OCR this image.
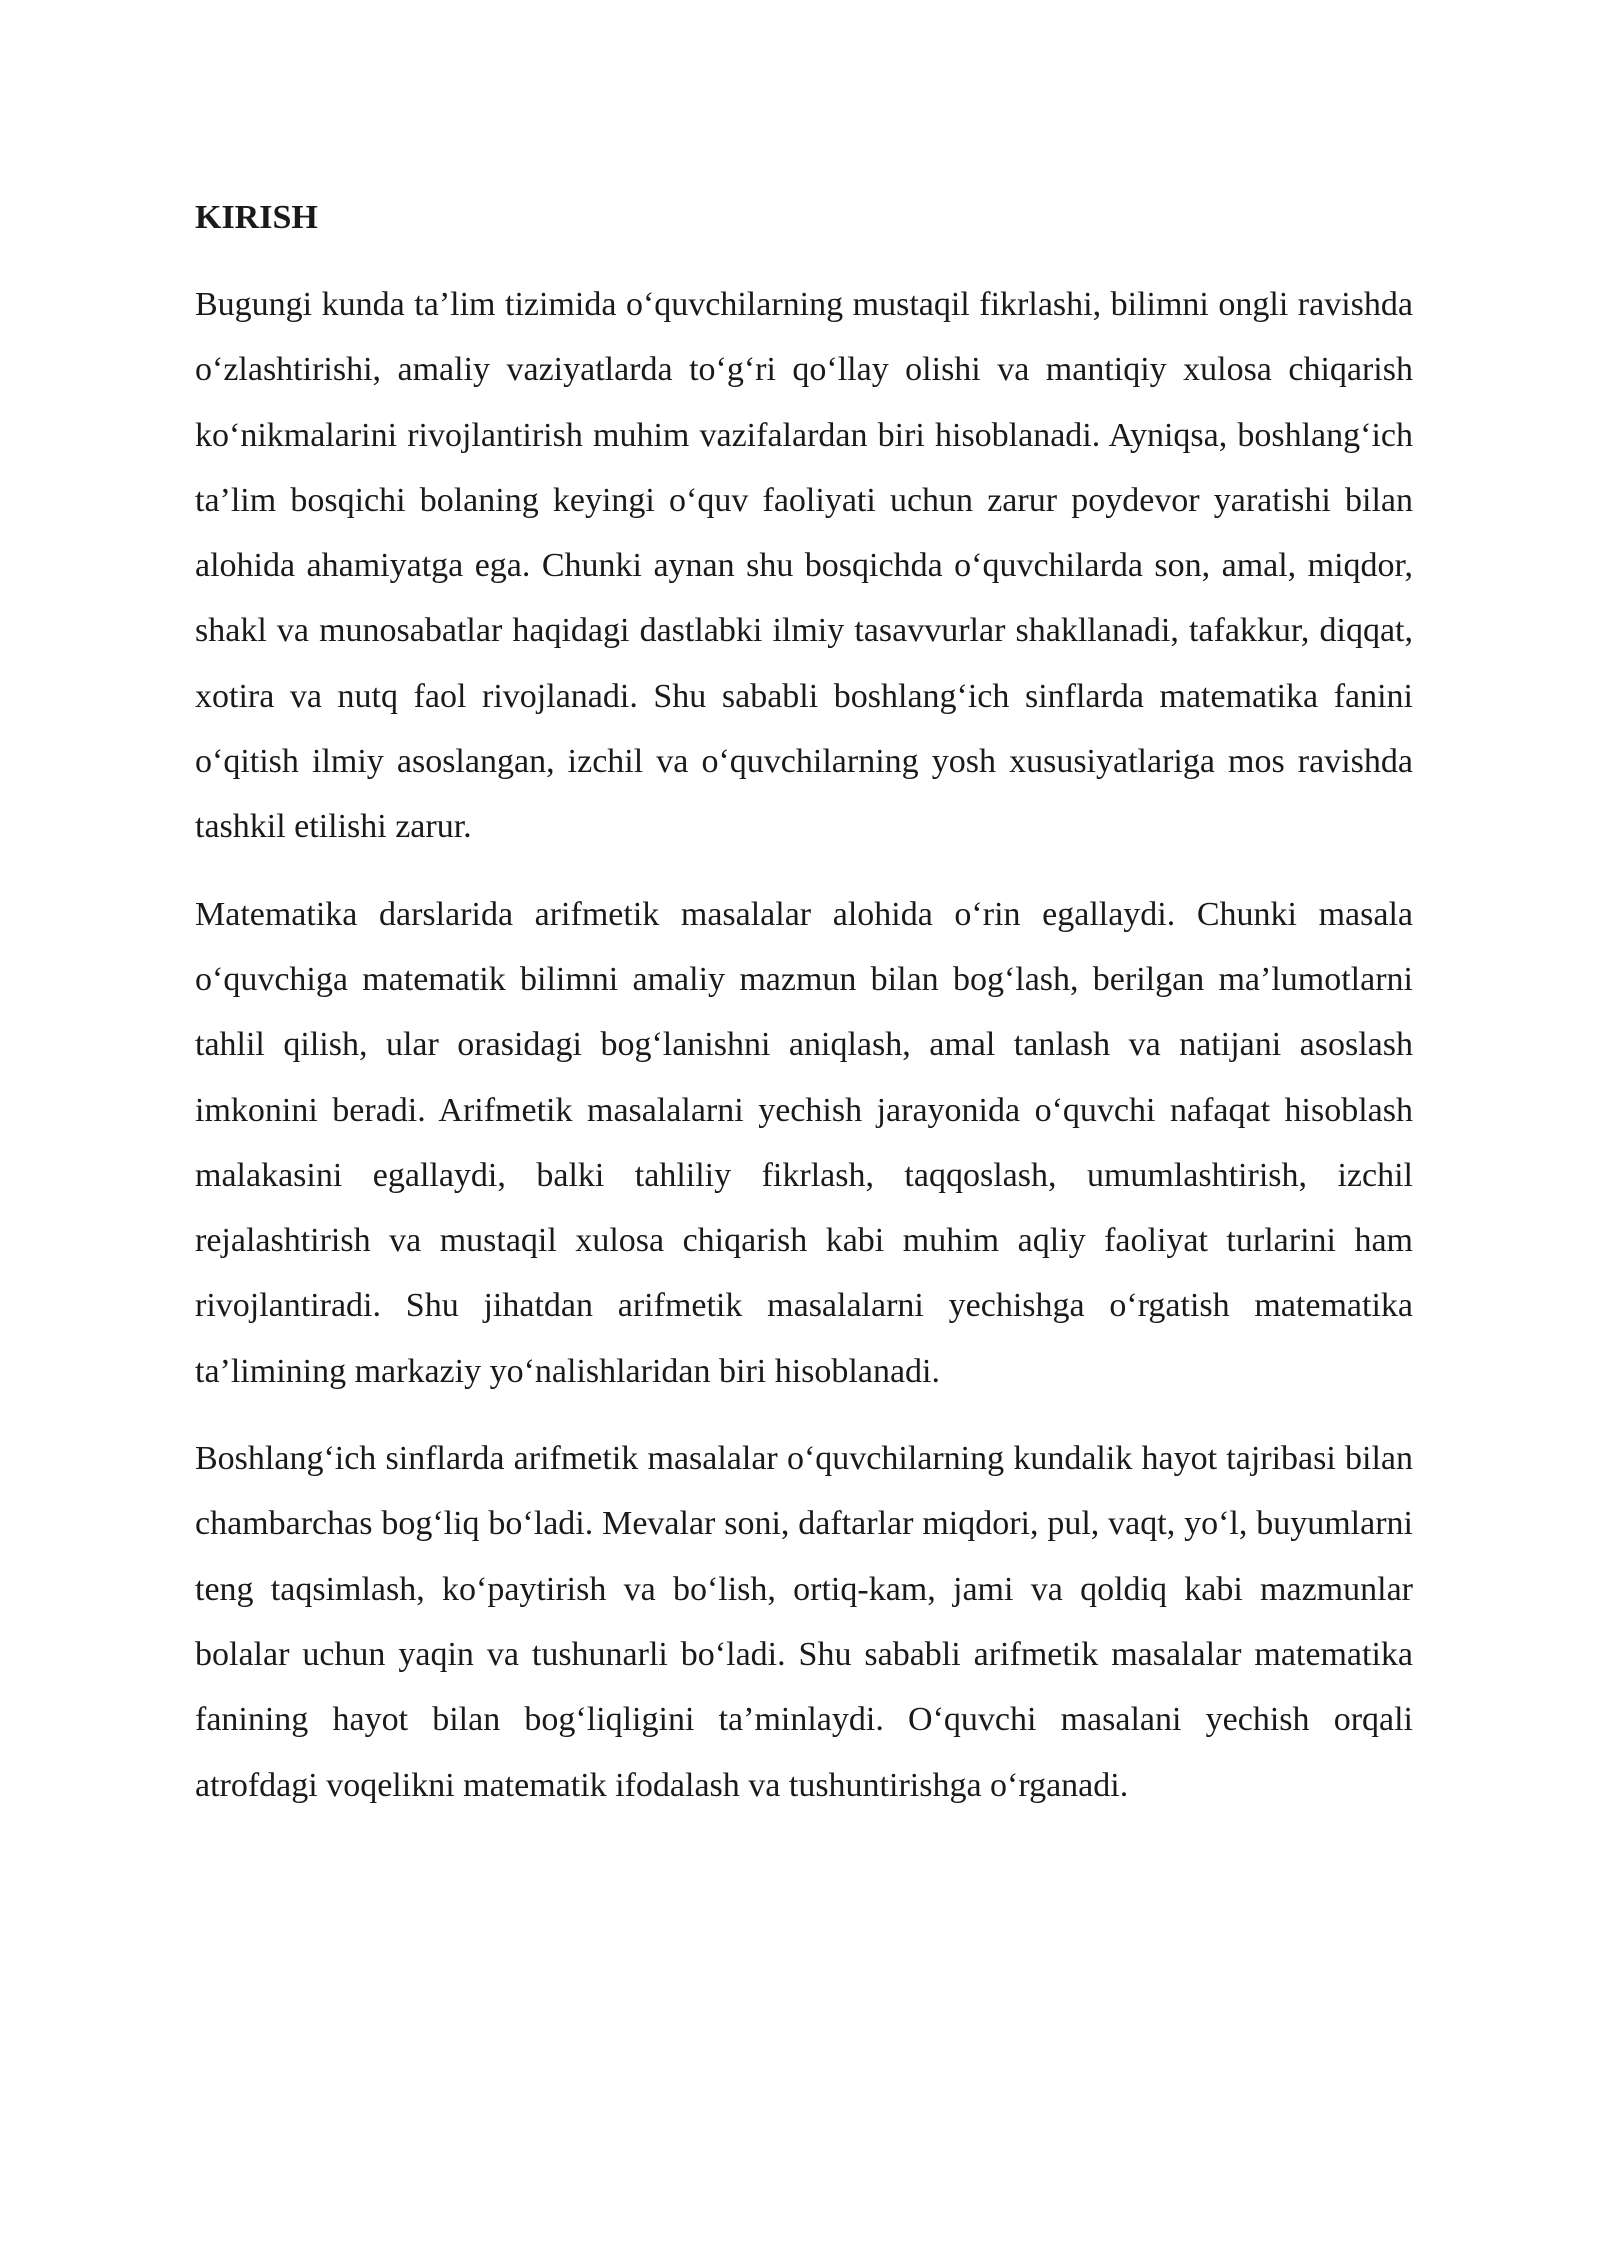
KIRISH

Bugungi kunda ta’lim tizimida o‘quvchilarning mustaqil fikrlashi, bilimni ongli ravishda o‘zlashtirishi, amaliy vaziyatlarda to‘g‘ri qo‘llay olishi va mantiqiy xulosa chiqarish ko‘nikmalarini rivojlantirish muhim vazifalardan biri hisoblanadi. Ayniqsa, boshlang‘ich ta’lim bosqichi bolaning keyingi o‘quv faoliyati uchun zarur poydevor yaratishi bilan alohida ahamiyatga ega. Chunki aynan shu bosqichda o‘quvchilarda son, amal, miqdor, shakl va munosabatlar haqidagi dastlabki ilmiy tasavvurlar shakllanadi, tafakkur, diqqat, xotira va nutq faol rivojlanadi. Shu sababli boshlang‘ich sinflarda matematika fanini o‘qitish ilmiy asoslangan, izchil va o‘quvchilarning yosh xususiyatlariga mos ravishda tashkil etilishi zarur.

Matematika darslarida arifmetik masalalar alohida o‘rin egallaydi. Chunki masala o‘quvchiga matematik bilimni amaliy mazmun bilan bog‘lash, berilgan ma’lumotlarni tahlil qilish, ular orasidagi bog‘lanishni aniqlash, amal tanlash va natijani asoslash imkonini beradi. Arifmetik masalalarni yechish jarayonida o‘quvchi nafaqat hisoblash malakasini egallaydi, balki tahliliy fikrlash, taqqoslash, umumlashtirish, izchil rejalashtirish va mustaqil xulosa chiqarish kabi muhim aqliy faoliyat turlarini ham rivojlantiradi. Shu jihatdan arifmetik masalalarni yechishga o‘rgatish matematika ta’limining markaziy yo‘nalishlaridan biri hisoblanadi.

Boshlang‘ich sinflarda arifmetik masalalar o‘quvchilarning kundalik hayot tajribasi bilan chambarchas bog‘liq bo‘ladi. Mevalar soni, daftarlar miqdori, pul, vaqt, yo‘l, buyumlarni teng taqsimlash, ko‘paytirish va bo‘lish, ortiq-kam, jami va qoldiq kabi mazmunlar bolalar uchun yaqin va tushunarli bo‘ladi. Shu sababli arifmetik masalalar matematika fanining hayot bilan bog‘liqligini ta’minlaydi. O‘quvchi masalani yechish orqali atrofdagi voqelikni matematik ifodalash va tushuntirishga o‘rganadi.
